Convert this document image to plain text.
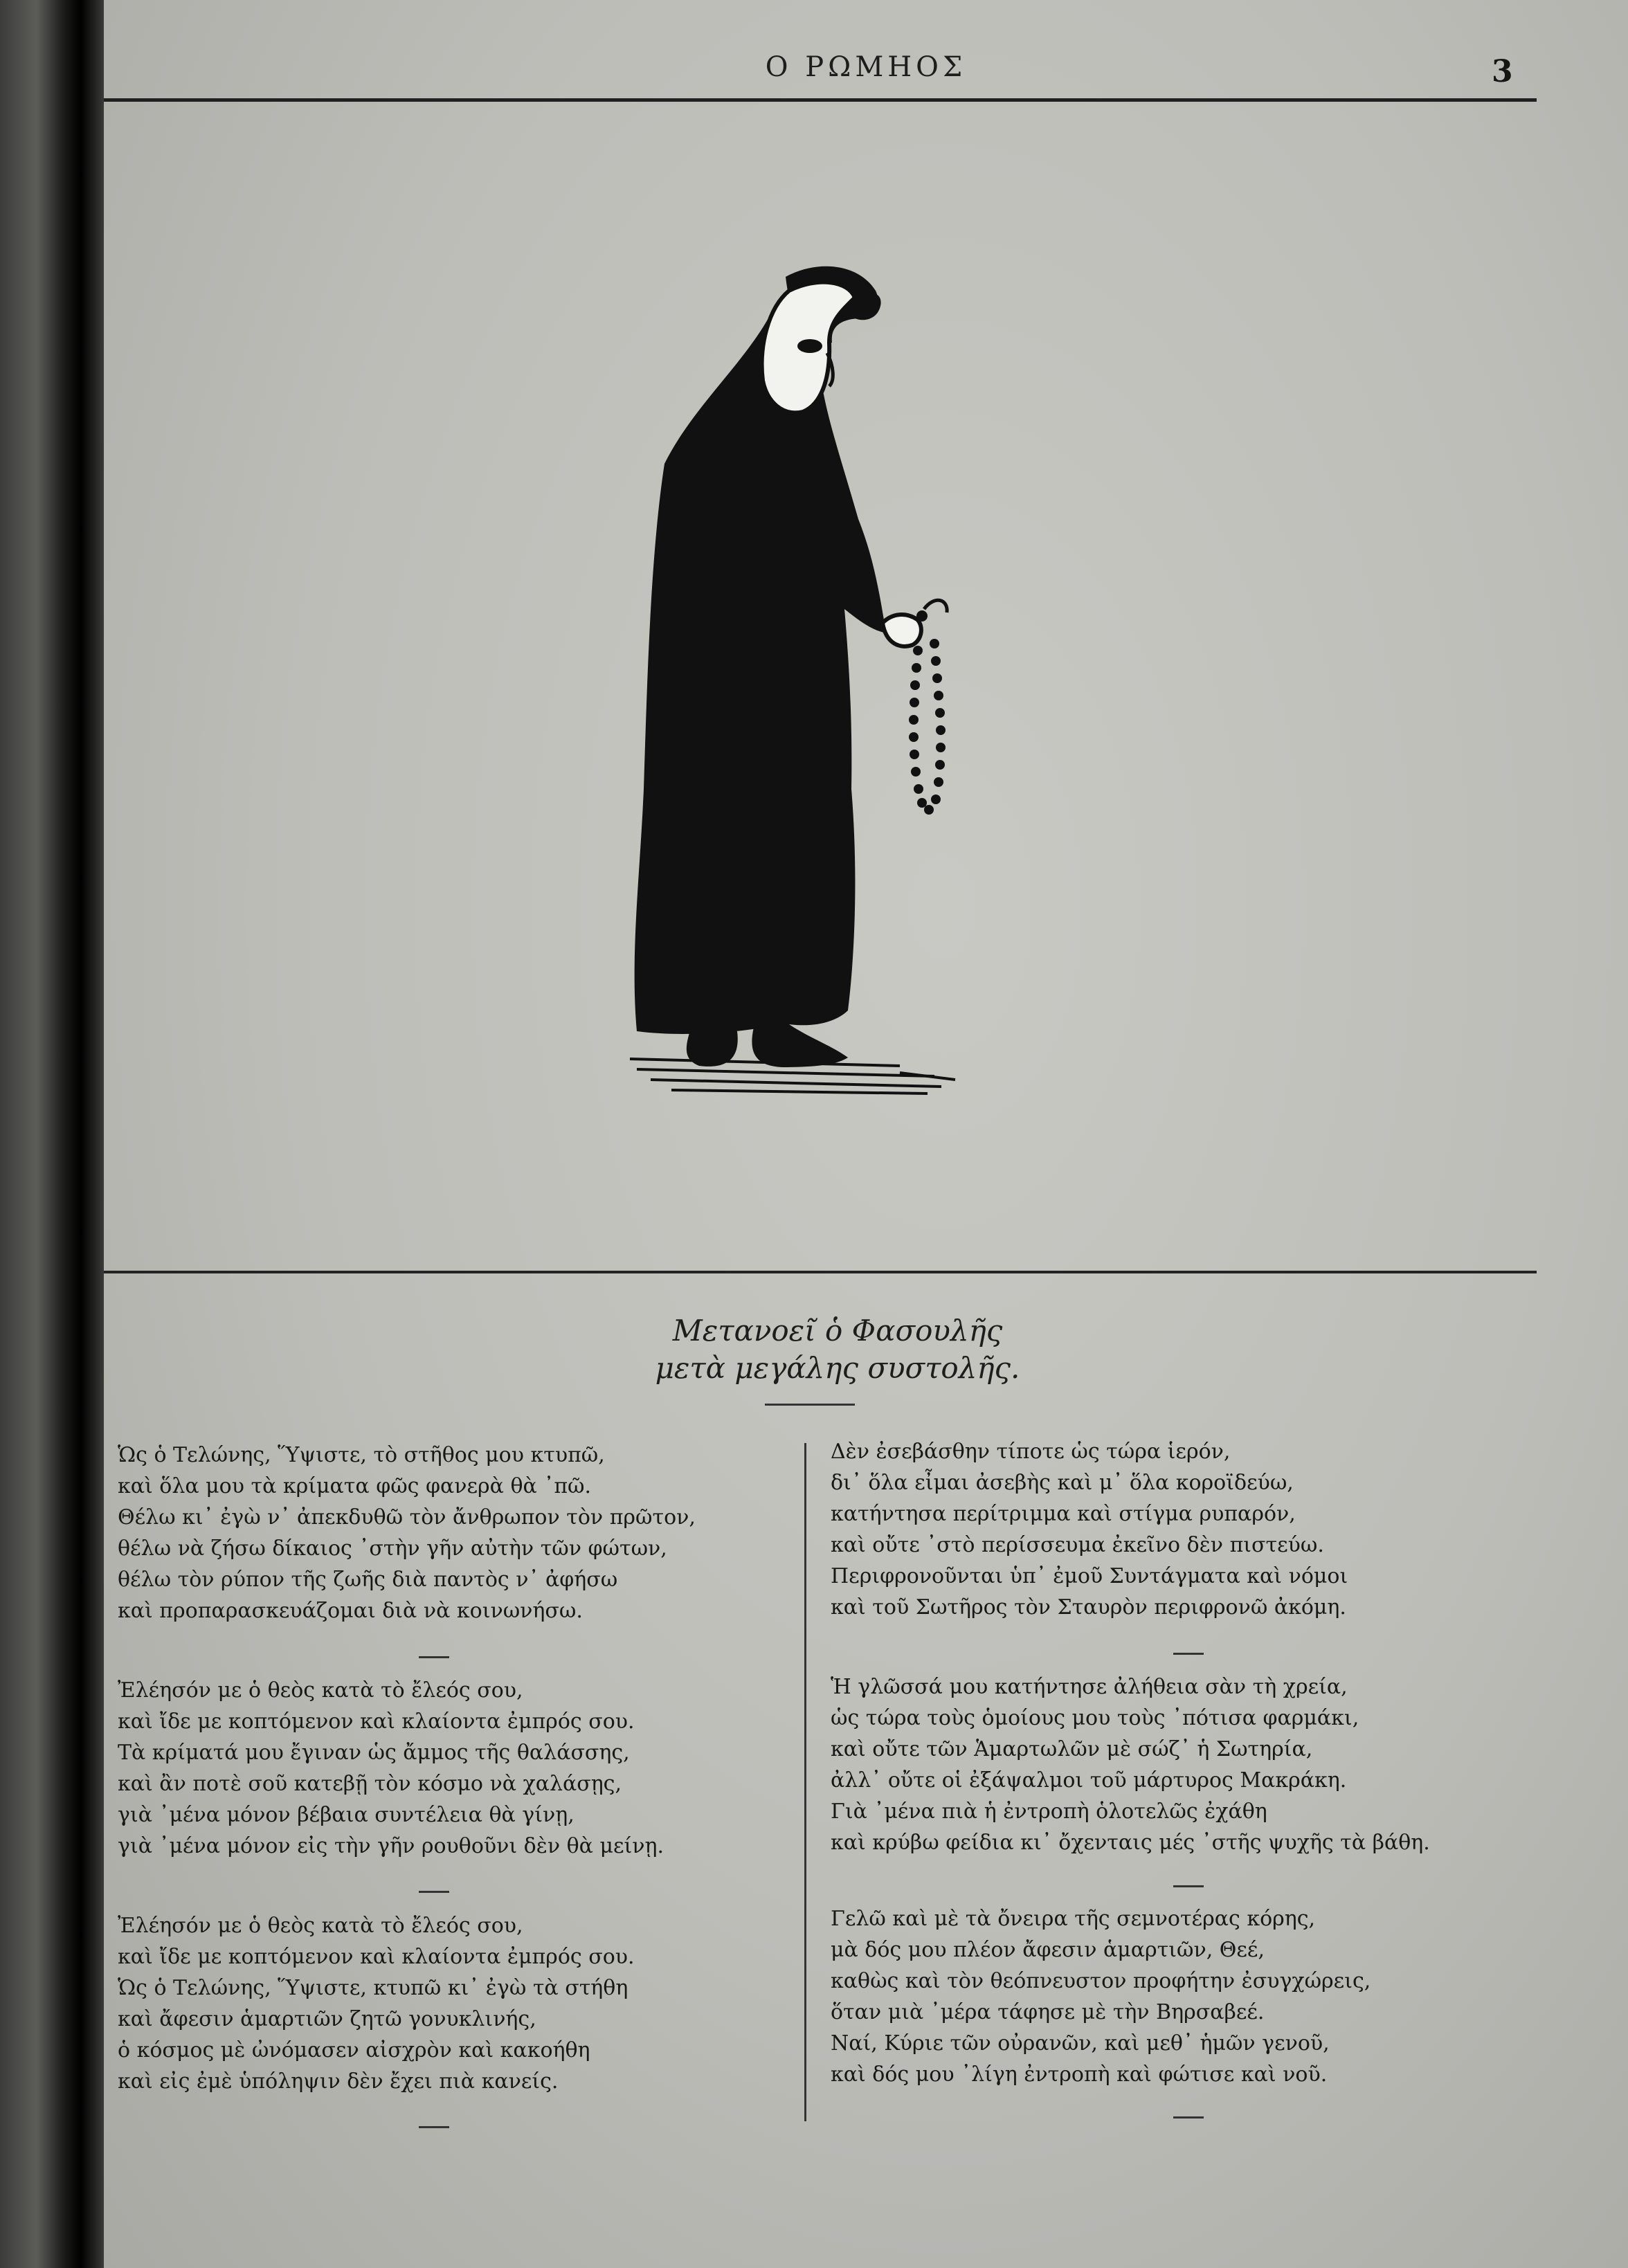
Ο ΡΩΜΗΟΣ	3
Μετανοεῖ ὁ Φασουλῆς
μετὰ μεγάλης συστολῆς.
Ὡς ὁ Τελώνης, Ὕψιστε, τὸ στῆθος μου κτυπῶ,
καὶ ὅλα μου τὰ κρίματα φῶς φανερὰ θὰ ᾽πῶ.
Θέλω κι᾽ ἐγὼ ν᾽ ἀπεκδυθῶ τὸν ἄνθρωπον τὸν πρῶτον,
θέλω νὰ ζήσω δίκαιος ᾽στὴν γῆν αὐτὴν τῶν φώτων,
θέλω τὸν ρύπον τῆς ζωῆς διὰ παντὸς ν᾽ ἀφήσω
καὶ προπαρασκευάζομαι διὰ νὰ κοινωνήσω.
Ἐλέησόν με ὁ θεὸς κατὰ τὸ ἔλεός σου,
καὶ ἴδε με κοπτόμενον καὶ κλαίοντα ἐμπρός σου.
Τὰ κρίματά μου ἔγιναν ὡς ἄμμος τῆς θαλάσσης,
καὶ ἂν ποτὲ σοῦ κατεβῇ τὸν κόσμο νὰ χαλάσῃς,
γιὰ ᾽μένα μόνον βέβαια συντέλεια θὰ γίνῃ,
γιὰ ᾽μένα μόνον εἰς τὴν γῆν ρουθοῦνι δὲν θὰ μείνῃ.
Ἐλέησόν με ὁ θεὸς κατὰ τὸ ἔλεός σου,
καὶ ἴδε με κοπτόμενον καὶ κλαίοντα ἐμπρός σου.
Ὡς ὁ Τελώνης, Ὕψιστε, κτυπῶ κι᾽ ἐγὼ τὰ στήθη
καὶ ἄφεσιν ἁμαρτιῶν ζητῶ γονυκλινής,
ὁ κόσμος μὲ ὠνόμασεν αἰσχρὸν καὶ κακοήθη
καὶ εἰς ἐμὲ ὑπόληψιν δὲν ἔχει πιὰ κανείς.
Δὲν ἐσεβάσθην τίποτε ὡς τώρα ἱερόν,
δι᾽ ὅλα εἶμαι ἀσεβὴς καὶ μ᾽ ὅλα κοροϊδεύω,
κατήντησα περίτριμμα καὶ στίγμα ρυπαρόν,
καὶ οὔτε ᾽στὸ περίσσευμα ἐκεῖνο δὲν πιστεύω.
Περιφρονοῦνται ὑπ᾽ ἐμοῦ Συντάγματα καὶ νόμοι
καὶ τοῦ Σωτῆρος τὸν Σταυρὸν περιφρονῶ ἀκόμη.
Ἡ γλῶσσά μου κατήντησε ἀλήθεια σὰν τὴ χρεία,
ὡς τώρα τοὺς ὁμοίους μου τοὺς ᾽πότισα φαρμάκι,
καὶ οὔτε τῶν Ἁμαρτωλῶν μὲ σώζ᾽ ἡ Σωτηρία,
ἀλλ᾽ οὔτε οἱ ἐξάψαλμοι τοῦ μάρτυρος Μακράκη.
Γιὰ ᾽μένα πιὰ ἡ ἐντροπὴ ὁλοτελῶς ἐχάθη
καὶ κρύβω φείδια κι᾽ ὄχενταις μές ᾽στῆς ψυχῆς τὰ βάθη.
Γελῶ καὶ μὲ τὰ ὄνειρα τῆς σεμνοτέρας κόρης,
μὰ δός μου πλέον ἄφεσιν ἁμαρτιῶν, Θεέ,
καθὼς καὶ τὸν θεόπνευστον προφήτην ἐσυγχώρεις,
ὅταν μιὰ ᾽μέρα τάφησε μὲ τὴν Βηρσαβεέ.
Ναί, Κύριε τῶν οὐρανῶν, καὶ μεθ᾽ ἡμῶν γενοῦ,
καὶ δός μου ᾽λίγη ἐντροπὴ καὶ φώτισε καὶ νοῦ.
